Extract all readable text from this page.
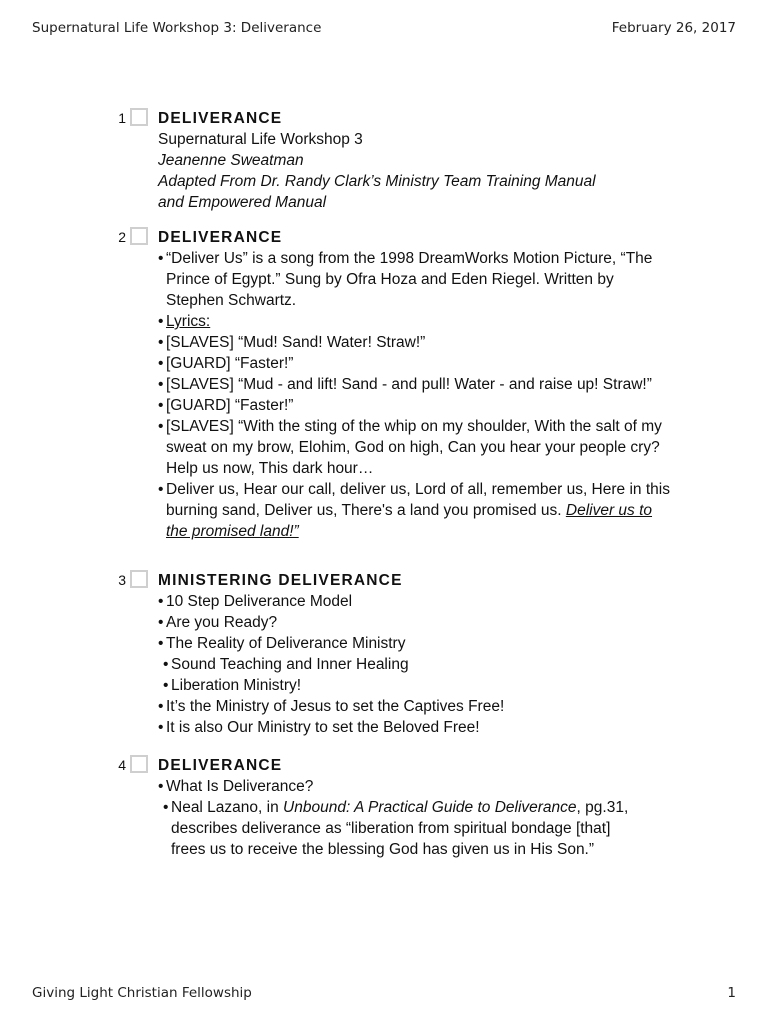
Supernatural Life Workshop 3: Deliverance	February 26, 2017
1 DELIVERANCE
Supernatural Life Workshop 3
Jeanenne Sweatman
Adapted From Dr. Randy Clark’s Ministry Team Training Manual
and Empowered Manual
2 DELIVERANCE
• “Deliver Us” is a song from the 1998 DreamWorks Motion Picture, “The Prince of Egypt.” Sung by Ofra Hoza and Eden Riegel. Written by Stephen Schwartz.
• Lyrics:
• [SLAVES] “Mud! Sand! Water! Straw!”
• [GUARD] “Faster!”
• [SLAVES] “Mud - and lift! Sand - and pull! Water - and raise up! Straw!”
• [GUARD] “Faster!”
• [SLAVES] “With the sting of the whip on my shoulder, With the salt of my sweat on my brow, Elohim, God on high, Can you hear your people cry? Help us now, This dark hour…
• Deliver us, Hear our call, deliver us, Lord of all, remember us, Here in this burning sand, Deliver us, There's a land you promised us. Deliver us to the promised land!”
3 MINISTERING DELIVERANCE
• 10 Step Deliverance Model
• Are you Ready?
• The Reality of Deliverance Ministry
• Sound Teaching and Inner Healing
• Liberation Ministry!
• It’s the Ministry of Jesus to set the Captives Free!
• It is also Our Ministry to set the Beloved Free!
4 DELIVERANCE
• What Is Deliverance?
• Neal Lazano, in Unbound: A Practical Guide to Deliverance, pg.31, describes deliverance as “liberation from spiritual bondage [that] frees us to receive the blessing God has given us in His Son.”
Giving Light Christian Fellowship	1
